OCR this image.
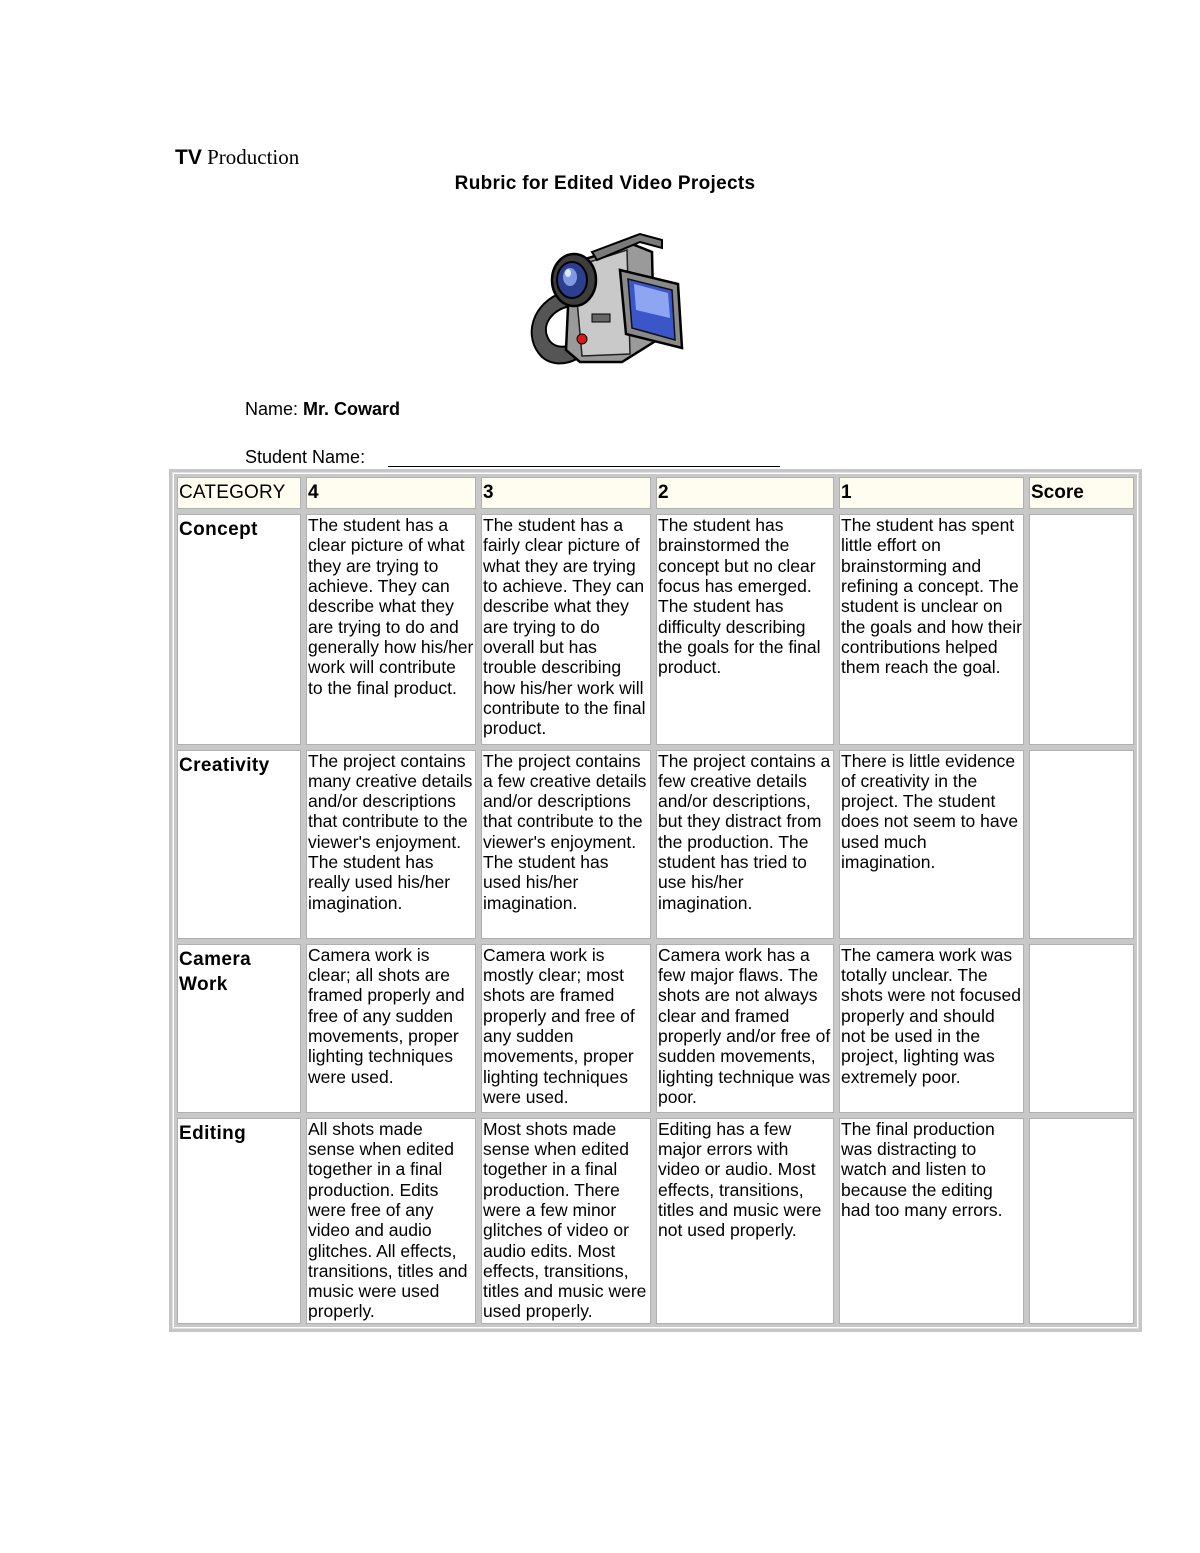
TV Production
Rubric for Edited Video Projects
Name: Mr. Coward
Student Name:
CATEGORY	4	3	2	1	Score
Concept	The student has a clear picture of what they are trying to achieve. They can describe what they are trying to do and generally how his/her work will contribute to the final product.	The student has a fairly clear picture of what they are trying to achieve. They can describe what they are trying to do overall but has trouble describing how his/her work will contribute to the final product.	The student has brainstormed the concept but no clear focus has emerged. The student has difficulty describing the goals for the final product.	The student has spent little effort on brainstorming and refining a concept. The student is unclear on the goals and how their contributions helped them reach the goal.	
Creativity	The project contains many creative details and/or descriptions that contribute to the viewer's enjoyment. The student has really used his/her imagination.	The project contains a few creative details and/or descriptions that contribute to the viewer's enjoyment. The student has used his/her imagination.	The project contains a few creative details and/or descriptions, but they distract from the production. The student has tried to use his/her imagination.	There is little evidence of creativity in the project. The student does not seem to have used much imagination.	
Camera Work	Camera work is clear; all shots are framed properly and free of any sudden movements, proper lighting techniques were used.	Camera work is mostly clear; most shots are framed properly and free of any sudden movements, proper lighting techniques were used.	Camera work has a few major flaws. The shots are not always clear and framed properly and/or free of sudden movements, lighting technique was poor.	The camera work was totally unclear. The shots were not focused properly and should not be used in the project, lighting was extremely poor.	
Editing	All shots made sense when edited together in a final production. Edits were free of any video and audio glitches. All effects, transitions, titles and music were used properly.	Most shots made sense when edited together in a final production. There were a few minor glitches of video or audio edits. Most effects, transitions, titles and music were used properly.	Editing has a few major errors with video or audio. Most effects, transitions, titles and music were not used properly.	The final production was distracting to watch and listen to because the editing had too many errors.	
